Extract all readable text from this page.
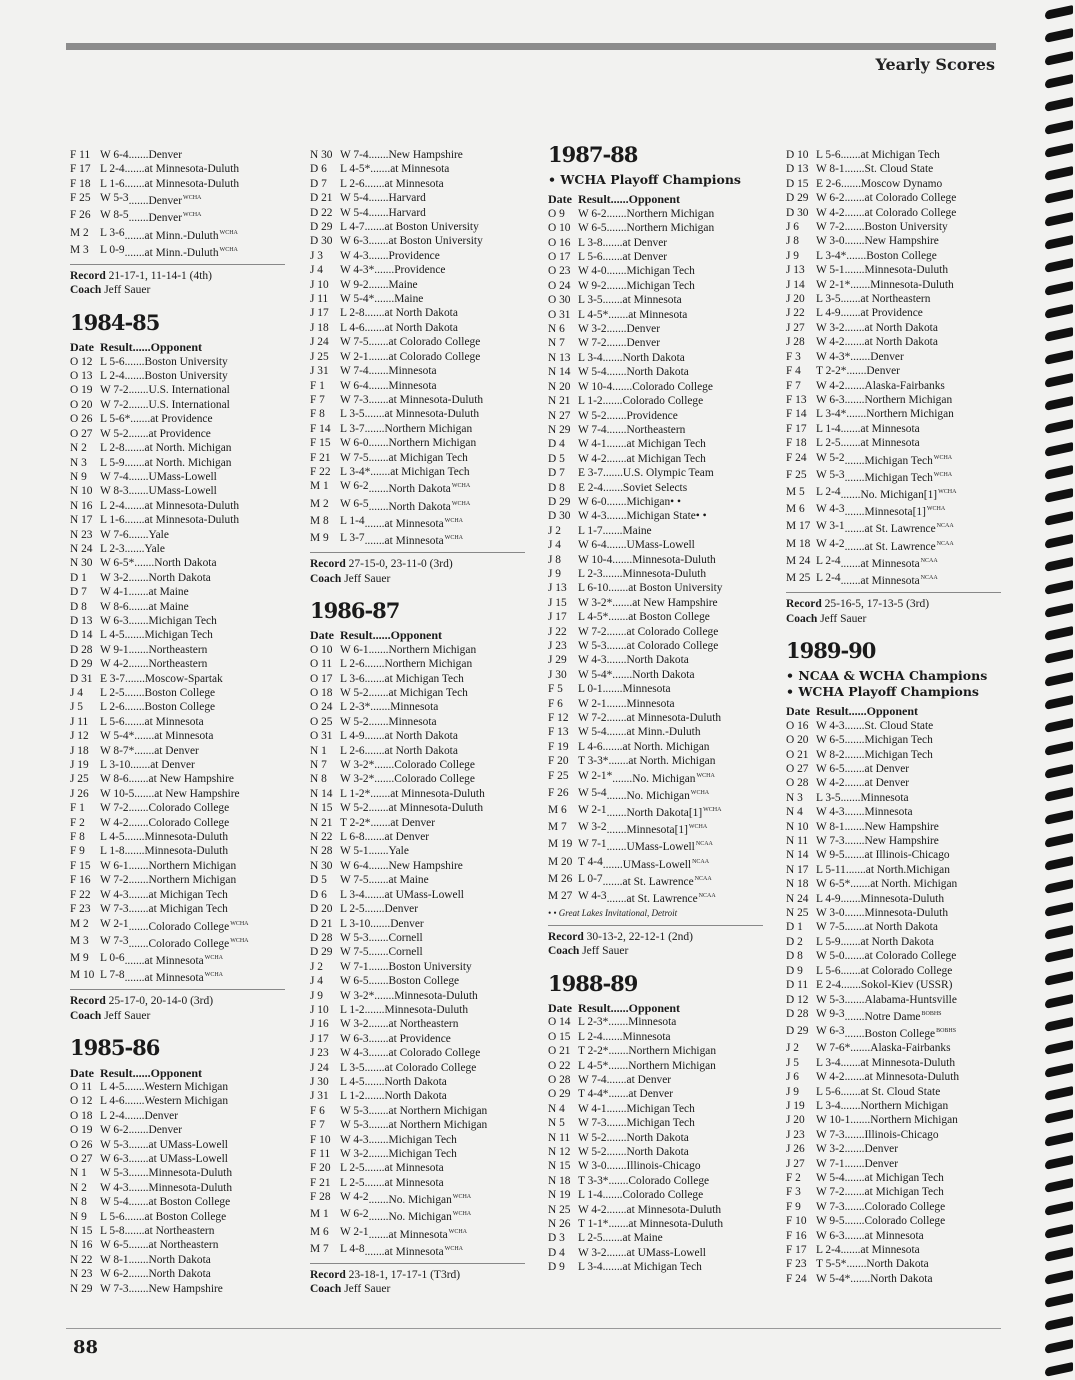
Yearly Scores
F 11 W 6-4 .......Denver
F 17 L 2-4 .......at Minnesota-Duluth
F 18 L 1-6 .......at Minnesota-Duluth
F 25 W 5-3 .......Denver$^{WCHA}$
F 26 W 8-5 .......Denver$^{WCHA}$
M 2 L 3-6 .......at Minn.-Duluth$^{WCHA}$
M 3 L 0-9 .......at Minn.-Duluth$^{WCHA}$
Record 21-17-1, 11-14-1 (4th)
Coach Jeff Sauer
1984-85
Date Result ......Opponent
O 12 L 5-6 .......Boston University
O 13 L 2-4 .......Boston University
O 19 W 7-2 .......U.S. International
O 20 W 7-2 .......U.S. International
O 26 L 5-6* .......at Providence
O 27 W 5-2 .......at Providence
N 2	L 2-8 .......at North. Michigan
N 3	L 5-9 .......at North. Michigan
N 9	W 7-4 .......UMass-Lowell
N 10 W 8-3 .......UMass-Lowell
N 16 L 2-4 .......at Minnesota-Duluth
N 17 L 1-6 .......at Minnesota-Duluth
N 23 W 7-6 .......Yale
N 24 L 2-3 .......Yale
N 30 W 6-5* .......North Dakota
D 1	W 3-2 .......North Dakota
D 7	W 4-1 .......at Maine
D 8	W 8-6 .......at Maine
D 13 W 6-3 .......Michigan Tech
D 14 L 4-5 .......Michigan Tech
D 28 W 9-1 .......Northeastern
D 29 W 4-2 .......Northeastern
D 31 E 3-7 .......Moscow-Spartak
J 4	L 2-5 .......Boston College
J 5	L 2-6 .......Boston College
J 11	L 5-6 .......at Minnesota
J 12 W 5-4* .......at Minnesota
J 18 W 8-7* .......at Denver
J 19 L 3-10 .......at Denver
J 25 W 8-6 .......at New Hampshire
J 26 W 10-5 .......at New Hampshire
F 1	W 7-2 .......Colorado College
F 2	W 4-2 .......Colorado College
F 8	L 4-5 .......Minnesota-Duluth
F 9	L 1-8 .......Minnesota-Duluth
F 15 W 6-1 .......Northern Michigan
F 16 W 7-2 .......Northern Michigan
F 22 W 4-3 .......at Michigan Tech
F 23 W 7-3 .......at Michigan Tech
M 2 W 2-1 .......Colorado College$^{WCHA}$
M 3 W 7-3 .......Colorado College$^{WCHA}$
M 9 L 0-6 .......at Minnesota$^{WCHA}$
M 10 L 7-8 .......at Minnesota$^{WCHA}$
Record 25-17-0, 20-14-0 (3rd)
Coach Jeff Sauer
1985-86
Date Result ......Opponent
O 11 L 4-5 .......Western Michigan
O 12 L 4-6 .......Western Michigan
O 18 L 2-4 .......Denver
O 19 W 6-2 .......Denver
O 26 W 5-3 .......at UMass-Lowell
O 27 W 6-3 .......at UMass-Lowell
N 1	W 5-3 .......Minnesota-Duluth
N 2	W 4-3 .......Minnesota-Duluth
N 8	W 5-4 .......at Boston College
N 9	L 5-6 .......at Boston College
N 15 L 5-8 .......at Northeastern
N 16 W 6-5 .......at Northeastern
N 22 W 8-1 .......North Dakota
N 23 W 6-2 .......North Dakota
N 29 W 7-3 .......New Hampshire
N 30 W 7-4 .......New Hampshire
D 6	L 4-5* .......at Minnesota
D 7	L 2-6 .......at Minnesota
D 21 W 5-4 .......Harvard
D 22 W 5-4 .......Harvard
D 29 L 4-7 .......at Boston University
D 30 W 6-3 .......at Boston University
J 3	W 4-3 .......Providence
J 4	W 4-3* .......Providence
J 10 W 9-2 .......Maine
J 11	W 5-4* .......Maine
J 17 L 2-8 .......at North Dakota
J 18 L 4-6 .......at North Dakota
J 24 W 7-5 .......at Colorado College
J 25 W 2-1 .......at Colorado College
J 31 W 7-4 .......Minnesota
F 1	W 6-4 .......Minnesota
F 7	W 7-3 .......at Minnesota-Duluth
F 8	L 3-5 .......at Minnesota-Duluth
F 14 L 3-7 .......Northern Michigan
F 15 W 6-0 .......Northern Michigan
F 21 W 7-5 .......at Michigan Tech
F 22 L 3-4* .......at Michigan Tech
M 1 W 6-2 .......North Dakota$^{WCHA}$
M 2 W 6-5 .......North Dakota$^{WCHA}$
M 8 L 1-4 .......at Minnesota$^{WCHA}$
M 9 L 3-7 .......at Minnesota$^{WCHA}$
Record 27-15-0, 23-11-0 (3rd)
Coach Jeff Sauer
1986-87
Date Result ......Opponent
O 10 W 6-1 .......Northern Michigan
O 11 L 2-6 .......Northern Michigan
O 17 L 3-6 .......at Michigan Tech
O 18 W 5-2 .......at Michigan Tech
O 24 L 2-3* .......Minnesota
O 25 W 5-2 .......Minnesota
O 31 L 4-9 .......at North Dakota
N 1	L 2-6 .......at North Dakota
N 7	W 3-2* .......Colorado College
N 8	W 3-2* .......Colorado College
N 14 L 1-2* .......at Minnesota-Duluth
N 15 W 5-2 .......at Minnesota-Duluth
N 21 T 2-2* .......at Denver
N 22 L 6-8 .......at Denver
N 28 W 5-1 .......Yale
N 30 W 6-4 .......New Hampshire
D 5	W 7-5 .......at Maine
D 6	L 3-4 .......at UMass-Lowell
D 20 L 2-5 .......Denver
D 21 L 3-10 .......Denver
D 28 W 5-3 .......Cornell
D 29 W 7-5 .......Cornell
J 2	W 7-1 .......Boston University
J 4	W 6-5 .......Boston College
J 9	W 3-2* .......Minnesota-Duluth
J 10 L 1-2 .......Minnesota-Duluth
J 16 W 3-2 .......at Northeastern
J 17 W 6-3 .......at Providence
J 23 W 4-3 .......at Colorado College
J 24 L 3-5 .......at Colorado College
J 30 L 4-5 .......North Dakota
J 31 L 1-2 .......North Dakota
F 6	W 5-3 .......at Northern Michigan
F 7	W 5-3 .......at Northern Michigan
F 10 W 4-3 .......Michigan Tech
F 11 W 3-2 .......Michigan Tech
F 20 L 2-5 .......at Minnesota
F 21 L 2-5 .......at Minnesota
F 28 W 4-2 .......No. Michigan$^{WCHA}$
M 1 W 6-2 .......No. Michigan$^{WCHA}$
M 6 W 2-1 .......at Minnesota$^{WCHA}$
M 7 L 4-8 .......at Minnesota$^{WCHA}$
Record 23-18-1, 17-17-1 (T3rd)
Coach Jeff Sauer
1987-88
• WCHA Playoff Champions
Date Result ......Opponent
O 9	W 6-2 .......Northern Michigan
O 10 W 6-5 .......Northern Michigan
O 16 L 3-8 .......at Denver
O 17 L 5-6 .......at Denver
O 23 W 4-0 .......Michigan Tech
O 24 W 9-2 .......Michigan Tech
O 30 L 3-5 .......at Minnesota
O 31 L 4-5* .......at Minnesota
N 6	W 3-2 .......Denver
N 7	W 7-2 .......Denver
N 13 L 3-4 .......North Dakota
N 14 W 5-4 .......North Dakota
N 20 W 10-4 .......Colorado College
N 21 L 1-2 .......Colorado College
N 27 W 5-2 .......Providence
N 29 W 7-4 .......Northeastern
D 4	W 4-1 .......at Michigan Tech
D 5	W 4-2 .......at Michigan Tech
D 7	E 3-7 .......U.S. Olympic Team
D 8	E 2-4 .......Soviet Selects
D 29 W 6-0 .......Michigan• •
D 30 W 4-3 .......Michigan State• •
J 2	L 1-7 .......Maine
J 4	W 6-4 .......UMass-Lowell
J 8	W 10-4 .......Minnesota-Duluth
J 9	L 2-3 .......Minnesota-Duluth
J 13 L 6-10 .......at Boston University
J 15 W 3-2* .......at New Hampshire
J 17 L 4-5* .......at Boston College
J 22 W 7-2 .......at Colorado College
J 23 W 5-3 .......at Colorado College
J 29 W 4-3 .......North Dakota
J 30 W 5-4* .......North Dakota
F 5	L 0-1 .......Minnesota
F 6	W 2-1 .......Minnesota
F 12 W 7-2 .......at Minnesota-Duluth
F 13 W 5-4 .......at Minn.-Duluth
F 19 L 4-6 .......at North. Michigan
F 20 T 3-3* .......at North. Michigan
F 25 W 2-1* .......No. Michigan$^{WCHA}$
F 26 W 5-4 .......No. Michigan$^{WCHA}$
M 6 W 2-1 .......North $Dakota[1]^{WCHA}$
M 7 W 3-2 $.......Minnesota[1]^{WCHA}$
M 19 W 7-1 .......UMass-Lowell$^{NCAA}$
M 20 T 4-4 .......UMass-Lowell$^{NCAA}$
M 26 L 0-7 .......at St. Lawrence$^{NCAA}$
M 27 W 4-3 .......at St. Lawrence$^{NCAA}$
• • Great Lakes Invitational, Detroit
Record 30-13-2, 22-12-1 (2nd)
Coach Jeff Sauer
1988-89
Date Result ......Opponent
O 14 L 2-3* .......Minnesota
O 15 L 2-4 .......Minnesota
O 21 T 2-2* .......Northern Michigan
O 22 L 4-5* .......Northern Michigan
O 28 W 7-4 .......at Denver
O 29 T 4-4* .......at Denver
N 4	W 4-1 .......Michigan Tech
N 5	W 7-3 .......Michigan Tech
N 11 W 5-2 .......North Dakota
N 12 W 5-2 .......North Dakota
N 15 W 3-0 .......Illinois-Chicago
N 18 T 3-3* .......Colorado College
N 19 L 1-4 .......Colorado College
N 25 W 4-2 .......at Minnesota-Duluth
N 26 T 1-1* .......at Minnesota-Duluth
D 3	L 2-5 .......at Maine
D 4	W 3-2 .......at UMass-Lowell
D 9	L 3-4 .......at Michigan Tech
D 10 L 5-6 .......at Michigan Tech
D 13 W 8-1 .......St. Cloud State
D 15 E 2-6 .......Moscow Dynamo
D 29 W 6-2 .......at Colorado College
D 30 W 4-2 .......at Colorado College
J 6	W 7-2 .......Boston University
J 8	W 3-0 .......New Hampshire
J 9	L 3-4* .......Boston College
J 13 W 5-1 .......Minnesota-Duluth
J 14 W 2-1* .......Minnesota-Duluth
J 20 L 3-5 .......at Northeastern
J 22 L 4-9 .......at Providence
J 27 W 3-2 .......at North Dakota
J 28 W 4-2 .......at North Dakota
F 3	W 4-3* .......Denver
F 4	T 2-2* .......Denver
F 7	W 4-2 .......Alaska-Fairbanks
F 13 W 6-3 .......Northern Michigan
F 14 L 3-4* .......Northern Michigan
F 17 L 1-4 .......at Minnesota
F 18 L 2-5 .......at Minnesota
F 24 W 5-2 .......Michigan Tech$^{WCHA}$
F 25 W 5-3 .......Michigan Tech$^{WCHA}$
M 5 L 2-4 .......No. $Michigan[1]^{WCHA}$
M 6 W 4-3 $.......Minnesota[1]^{WCHA}$
M 17 W 3-1 .......at St. Lawrence$^{NCAA}$
M 18 W 4-2 .......at St. Lawrence$^{NCAA}$
M 24 L 2-4 .......at Minnesota$^{NCAA}$
M 25 L 2-4 .......at Minnesota$^{NCAA}$
Record 25-16-5, 17-13-5 (3rd)
Coach Jeff Sauer
1989-90
• NCAA & WCHA Champions
• WCHA Playoff Champions
Date Result ......Opponent
O 16 W 4-3 .......St. Cloud State
O 20 W 6-5 .......Michigan Tech
O 21 W 8-2 .......Michigan Tech
O 27 W 6-5 .......at Denver
O 28 W 4-2 .......at Denver
N 3	L 3-5 .......Minnesota
N 4	W 4-3 .......Minnesota
N 10 W 8-1 .......New Hampshire
N 11 W 7-3 .......New Hampshire
N 14 W 9-5 .......at Illinois-Chicago
N 17 L 5-11 .......at North.Michigan
N 18 W 6-5* .......at North. Michigan
N 24 L 4-9 .......Minnesota-Duluth
N 25 W 3-0 .......Minnesota-Duluth
D 1	W 7-5 .......at North Dakota
D 2	L 5-9 .......at North Dakota
D 8	W 5-0 .......at Colorado College
D 9	L 5-6 .......at Colorado College
D 11 E 2-4 .......Sokol-Kiev (USSR)
D 12 W 5-3 .......Alabama-Huntsville
D 28 W 9-3 .......Notre Dame$^{BOBHS}$
D 29 W 6-3 .......Boston College$^{BOBHS}$
J 2	W 7-6* .......Alaska-Fairbanks
J 5	L 3-4 .......at Minnesota-Duluth
J 6	W 4-2 .......at Minnesota-Duluth
J 9	L 5-6 .......at St. Cloud State
J 19 L 3-4 .......Northern Michigan
J 20 W 10-1 .......Northern Michigan
J 23 W 7-3 .......Illinois-Chicago
J 26 W 3-2 .......Denver
J 27 W 7-1 .......Denver
F 2	W 5-4 .......at Michigan Tech
F 3	W 7-2 .......at Michigan Tech
F 9	W 7-3 .......Colorado College
F 10 W 9-5 .......Colorado College
F 16 W 6-3 .......at Minnesota
F 17 L 2-4 .......at Minnesota
F 23 T 5-5* .......North Dakota
F 24 W 5-4* .......North Dakota
88
